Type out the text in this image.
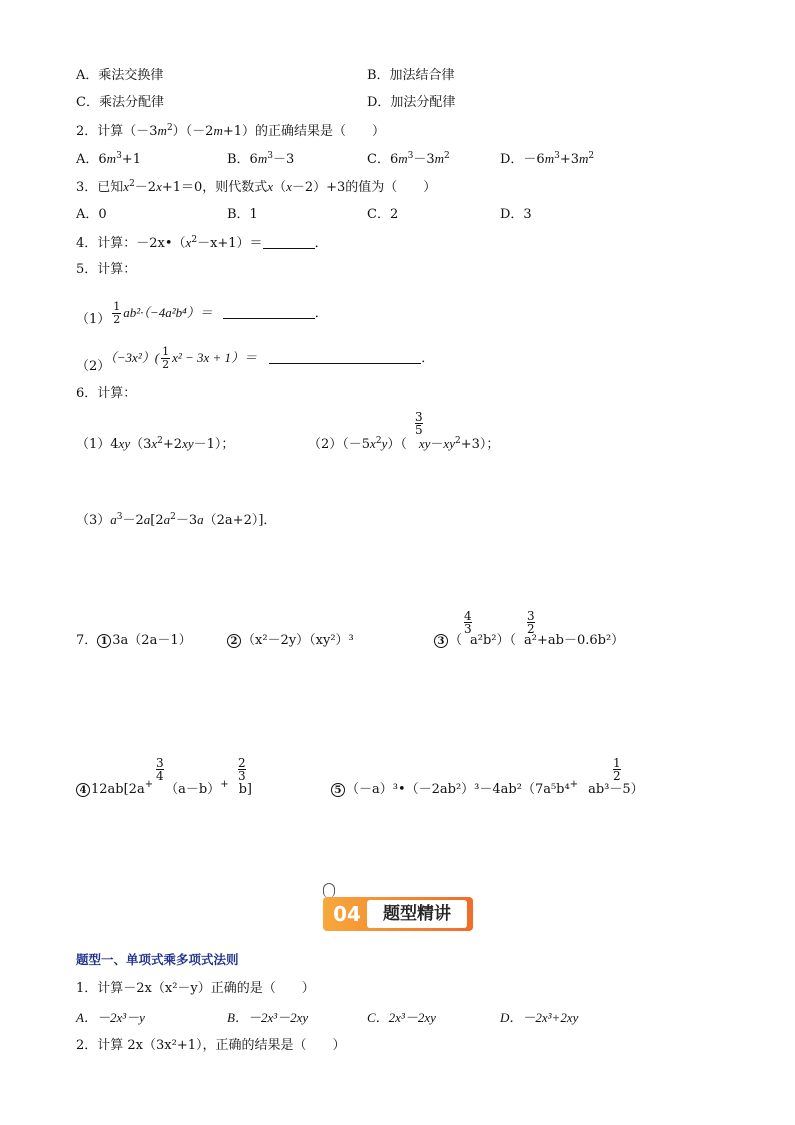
A．乘法交换律	B．加法结合律
C．乘法分配律	D．加法分配律
2．计算$(-3m^2)(-2m+1)$的正确结果是（　　）
A．$6m^3+1$	B．$6m^3-3$	C．$6m^3-3m^2$	D．$-6m^3+3m^2$
3．已知$x^2-2x+1=0$，则代数式x（x－2）+3的值为（　　）
A．0	B．1	C．2	D．3
4．计算：$-2x•(x^2-x+1)=$	．
5．计算：
$(1) \frac{1}{2} ab^2\cdot(-4a^2b^4)=$	．
$(2)(-3x^2)( \frac{1}{2} x^2 - 3x + 1)=$	．
6．计算：
$(1)4xy(3x^2+2xy-1)$；
3
5
$(2)(-5x^2y)$（ $xy-xy^2+3$）；
$(3)a^3-2a[2a^2-3a(2a+2)]$．
7． 1 3a（2a－1）	2 （x²－2y）（xy²）³
4
3
3
2
3 （ a²b²）（ a²+ab－0.6b²）
3
4
2
3
4 12ab[2a+ （a－b）+ b]
1
2
5 （－a）³•（－2ab²）³－4ab²（7a⁵b⁴+ ab³－5）
04	题型精讲
题型一、单项式乘多项式法则
1．计算－2x（x²－y）正确的是（　　）
A．－2x³－y	B．－2x³－2xy	C．2x³－2xy	D．－2x³+2xy
2．计算 2x（3x²+1），正确的结果是（　　）
